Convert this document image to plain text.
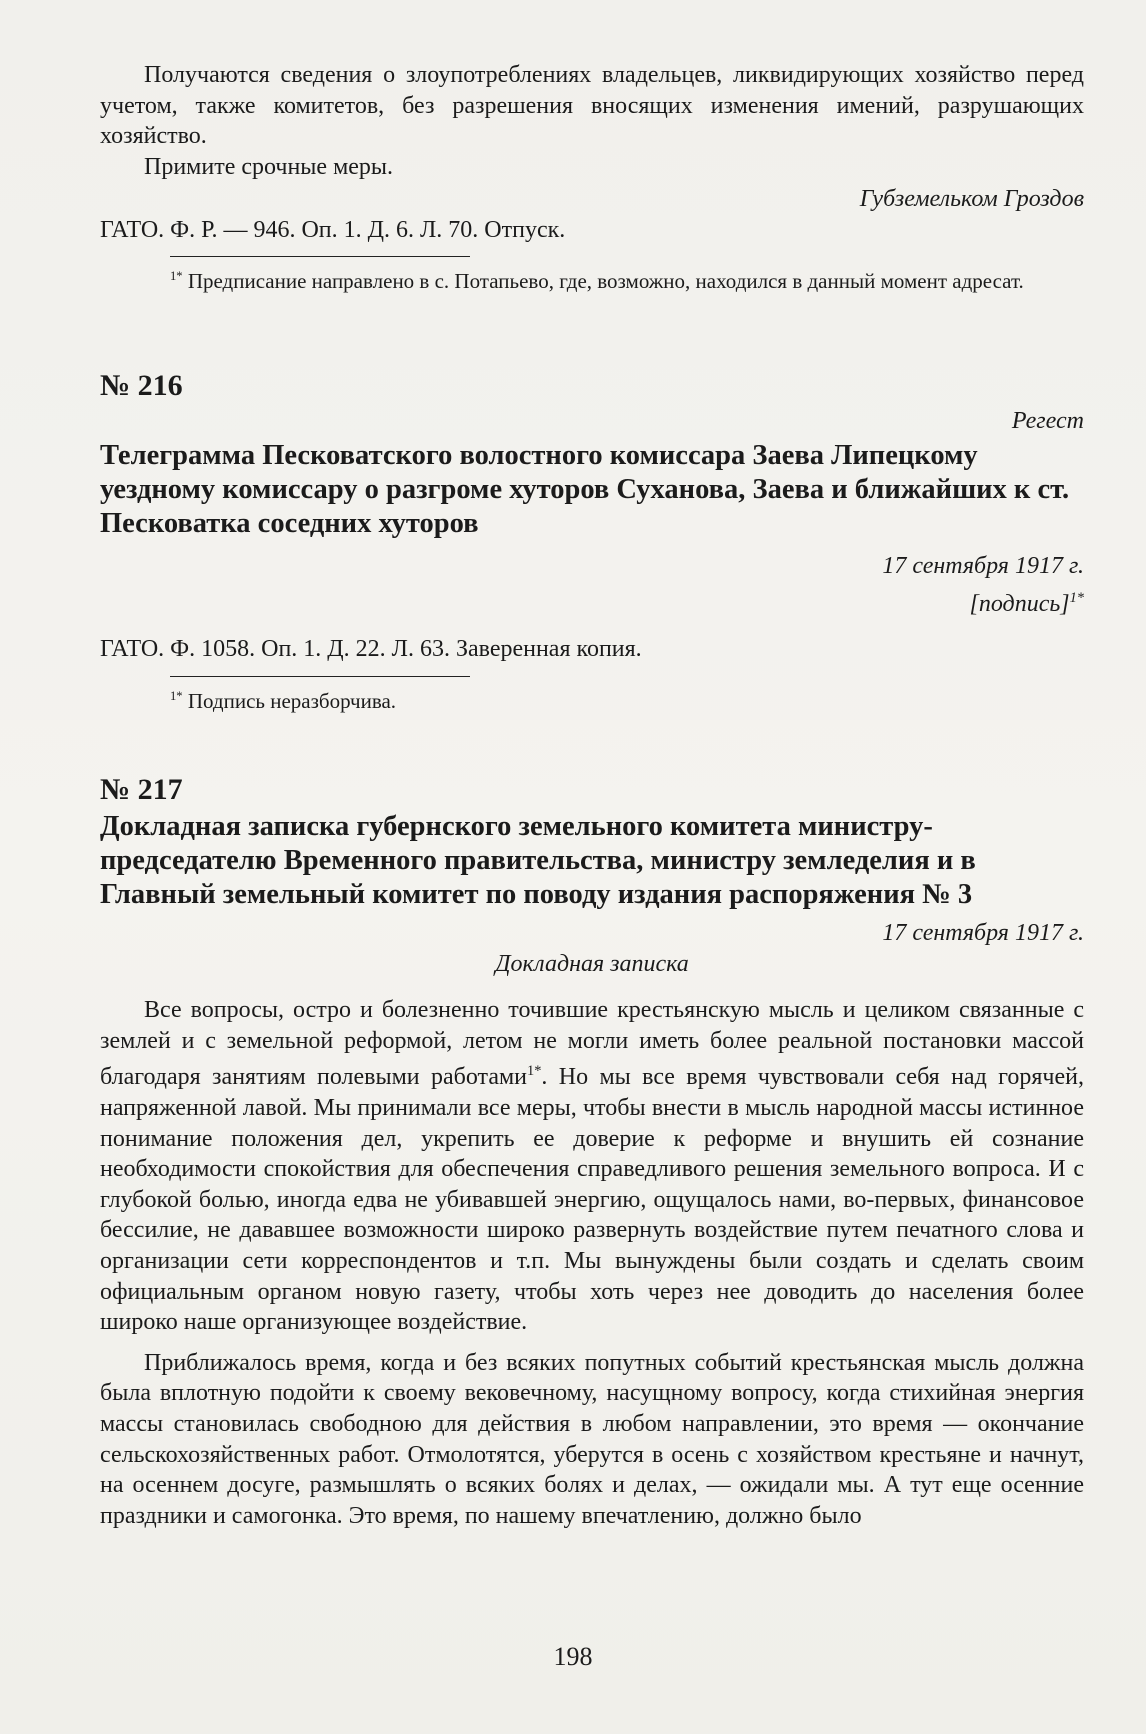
Получаются сведения о злоупотреблениях владельцев, ликвидирующих хозяйство перед учетом, также комитетов, без разрешения вносящих изменения имений, разрушающих хозяйство.

Примите срочные меры.

Губземельком Гроздов

ГАТО. Ф. Р. — 946. Оп. 1. Д. 6. Л. 70. Отпуск.

$^{1*}$ Предписание направлено в с. Потапьево, где, возможно, находился в данный момент адресат.

№ 216

Регест

Телеграмма Песковатского волостного комиссара Заева Липецкому уездному комиссару о разгроме хуторов Суханова, Заева и ближайших к ст. Песковатка соседних хуторов

17 сентября 1917 г.

[подпись]$^{1*}$

ГАТО. Ф. 1058. Оп. 1. Д. 22. Л. 63. Заверенная копия.

$^{1*}$ Подпись неразборчива.

№ 217

Докладная записка губернского земельного комитета министру-председателю Временного правительства, министру земледелия и в Главный земельный комитет по поводу издания распоряжения № 3

17 сентября 1917 г.

Докладная записка

Все вопросы, остро и болезненно точившие крестьянскую мысль и целиком связанные с землей и с земельной реформой, летом не могли иметь более реальной постановки массой благодаря занятиям полевыми работами$^{1*}$. Но мы все время чувствовали себя над горячей, напряженной лавой. Мы принимали все меры, чтобы внести в мысль народной массы истинное понимание положения дел, укрепить ее доверие к реформе и внушить ей сознание необходимости спокойствия для обеспечения справедливого решения земельного вопроса. И с глубокой болью, иногда едва не убивавшей энергию, ощущалось нами, во-первых, финансовое бессилие, не дававшее возможности широко развернуть воздействие путем печатного слова и организации сети корреспондентов и т.п. Мы вынуждены были создать и сделать своим официальным органом новую газету, чтобы хоть через нее доводить до населения более широко наше организующее воздействие.

Приближалось время, когда и без всяких попутных событий крестьянская мысль должна была вплотную подойти к своему вековечному, насущному вопросу, когда стихийная энергия массы становилась свободною для действия в любом направлении, это время — окончание сельскохозяйственных работ. Отмолотятся, уберутся в осень с хозяйством крестьяне и начнут, на осеннем досуге, размышлять о всяких болях и делах, — ожидали мы. А тут еще осенние праздники и самогонка. Это время, по нашему впечатлению, должно было

198
